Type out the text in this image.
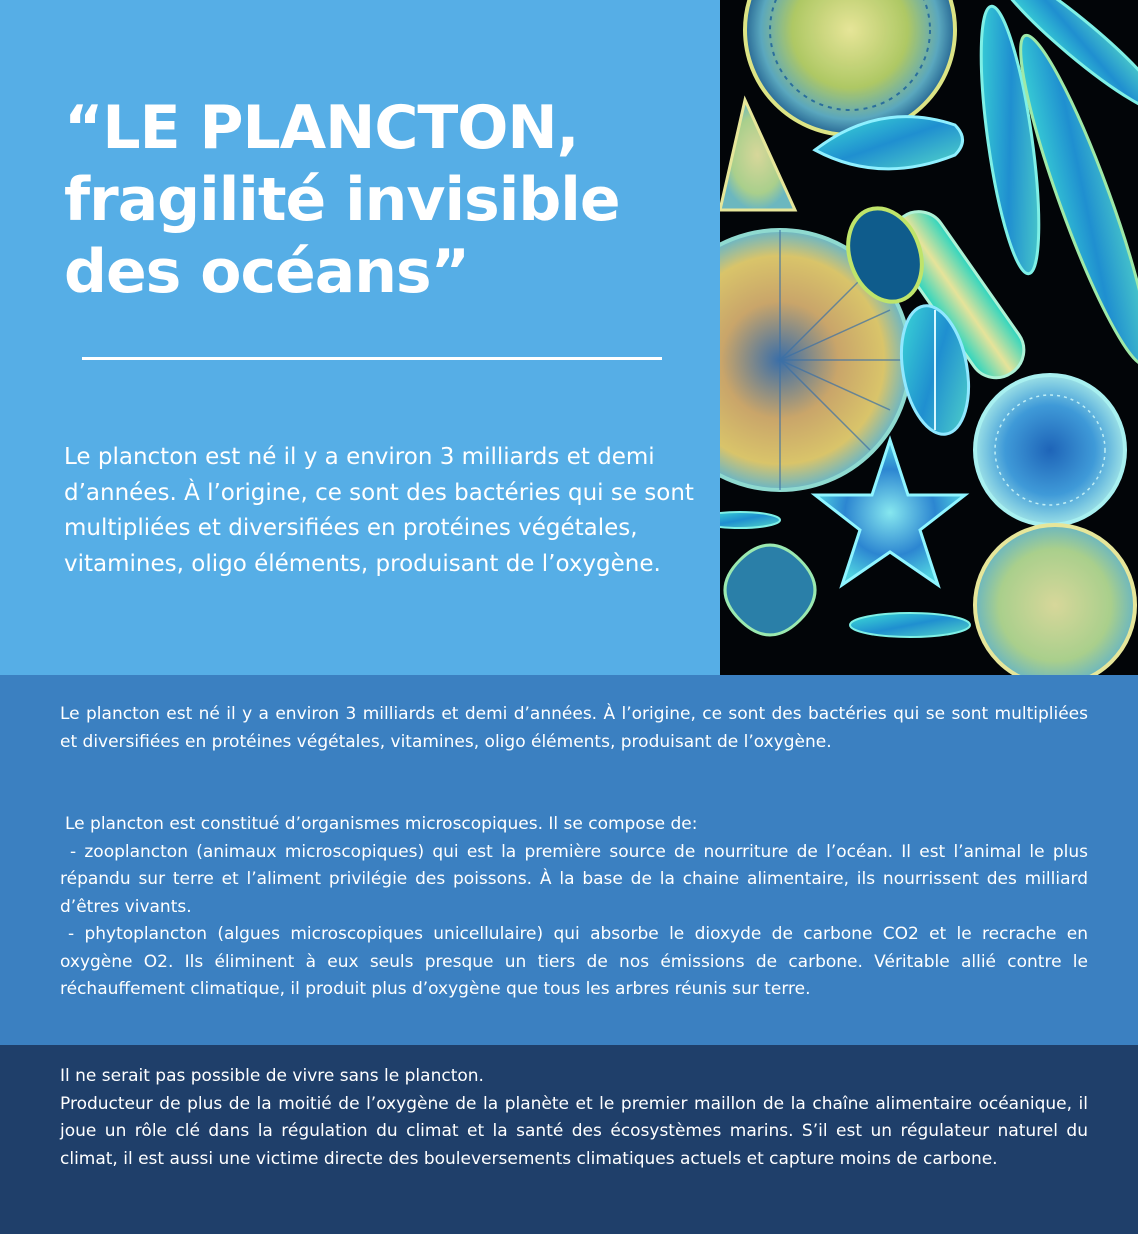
“LE PLANCTON,
fragilité invisible
des océans”

Le plancton est né il y a environ 3 milliards et demi d’années. À l’origine, ce sont des bactéries qui se sont multipliées et diversifiées en protéines végétales, vitamines, oligo éléments, produisant de l’oxygène.

Le plancton est né il y a environ 3 milliards et demi d’années. À l’origine, ce sont des bactéries qui se sont multipliées et diversifiées en protéines végétales, vitamines, oligo éléments, produisant de l’oxygène.

Le plancton est constitué d’organismes microscopiques. Il se compose de:
- zooplancton (animaux microscopiques) qui est la première source de nourriture de l’océan. Il est l’animal le plus répandu sur terre et l’aliment privilégie des poissons. À la base de la chaine alimentaire, ils nourrissent des milliard d’êtres vivants.
- phytoplancton (algues microscopiques unicellulaire) qui absorbe le dioxyde de carbone CO2 et le recrache en oxygène O2. Ils éliminent à eux seuls presque un tiers de nos émissions de carbone. Véritable allié contre le réchauffement climatique, il produit plus d’oxygène que tous les arbres réunis sur terre.

Il ne serait pas possible de vivre sans le plancton.
Producteur de plus de la moitié de l’oxygène de la planète et le premier maillon de la chaîne alimentaire océanique, il joue un rôle clé dans la régulation du climat et la santé des écosystèmes marins. S’il est un régulateur naturel du climat, il est aussi une victime directe des bouleversements climatiques actuels et capture moins de carbone.
